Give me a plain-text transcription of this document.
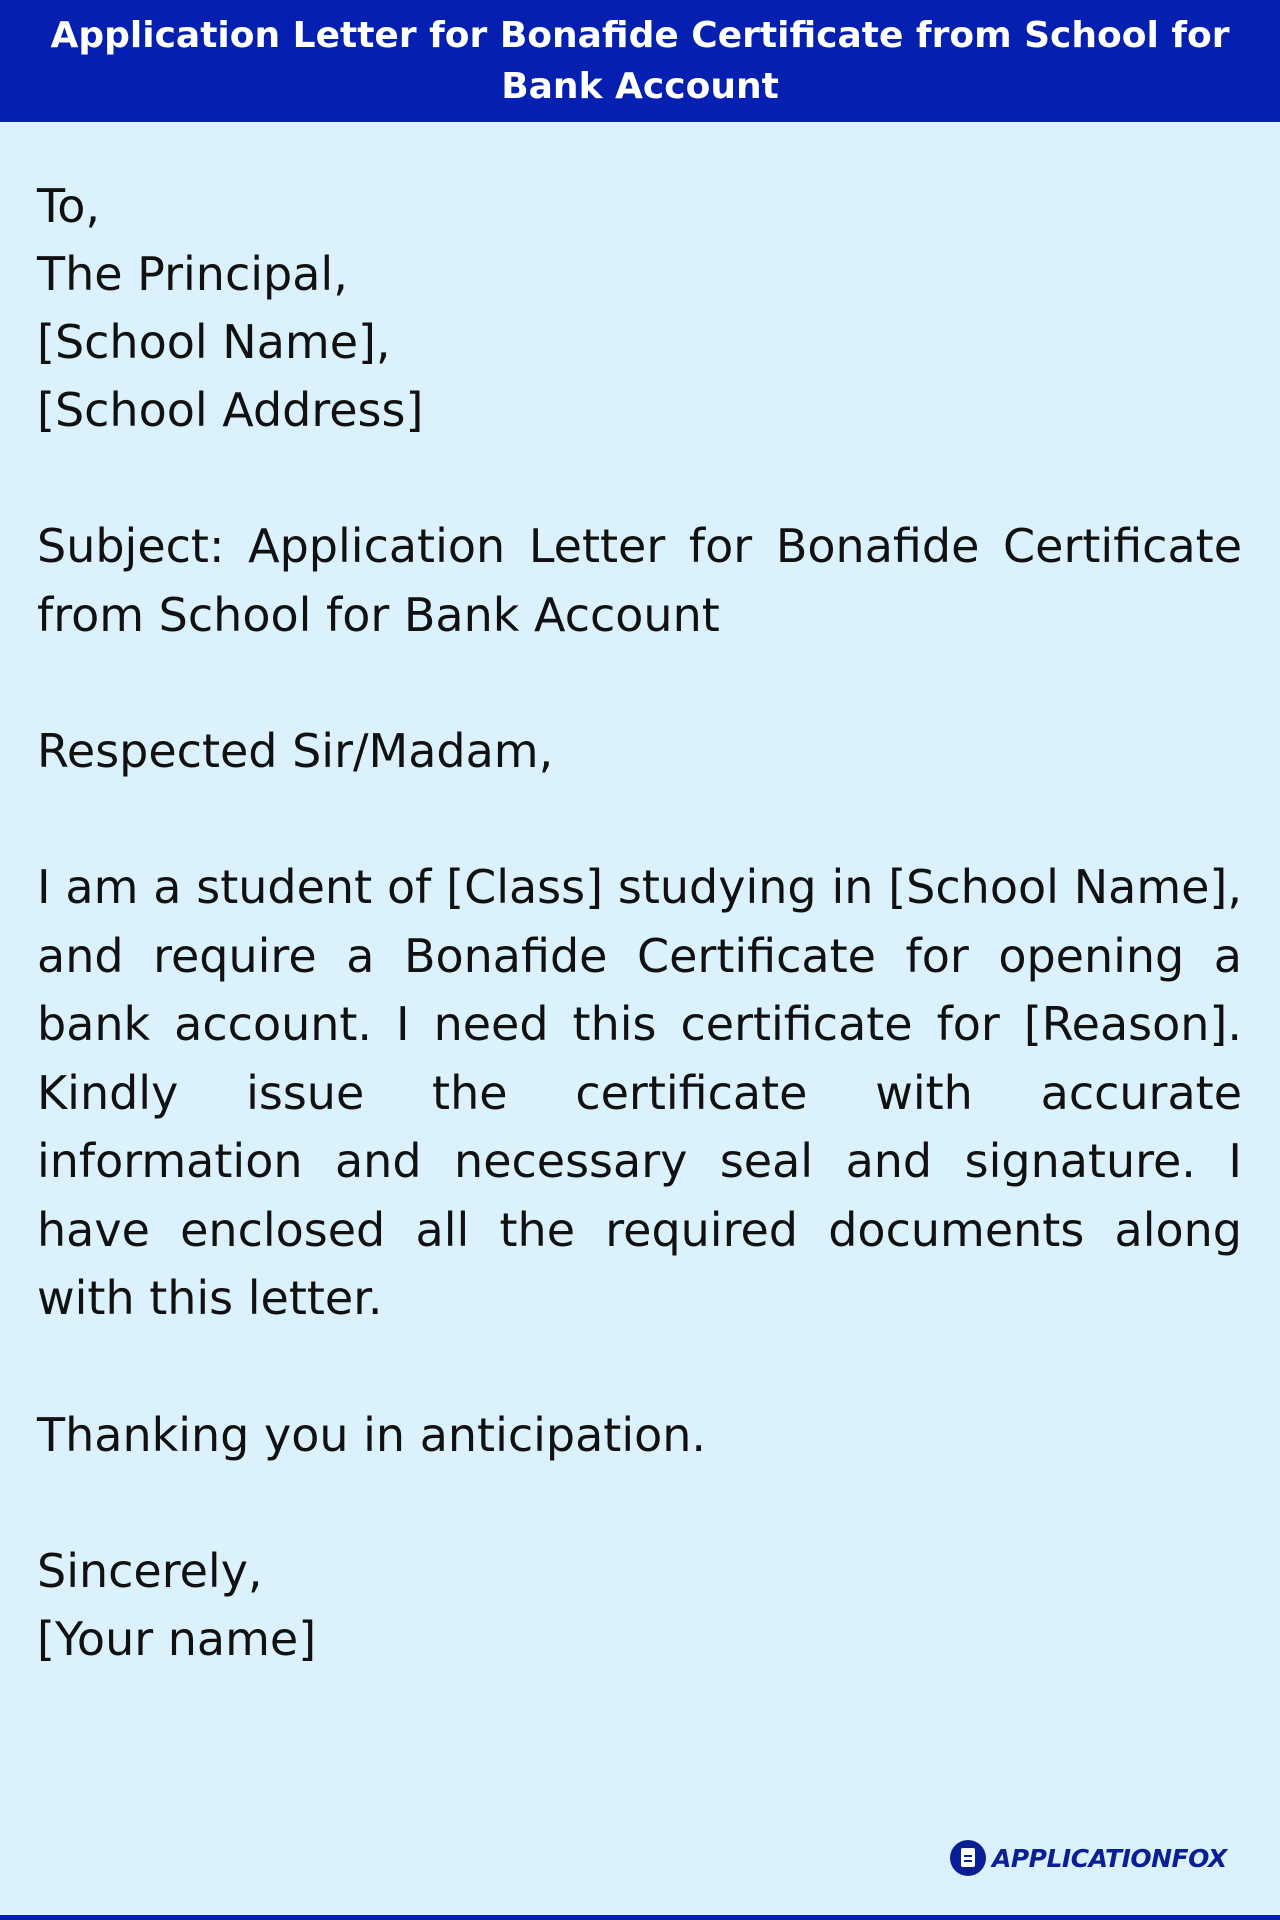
Application Letter for Bonafide Certificate from School for Bank Account
To,
The Principal,
[School Name],
[School Address]

Subject: Application Letter for Bonafide Certificate from School for Bank Account

Respected Sir/Madam,

I am a student of [Class] studying in [School Name], and require a Bonafide Certificate for opening a bank account. I need this certificate for [Reason]. Kindly issue the certificate with accurate information and necessary seal and signature. I have enclosed all the required documents along with this letter.

Thanking you in anticipation.
Sincerely,
[Your name]
APPLICATIONFOX
